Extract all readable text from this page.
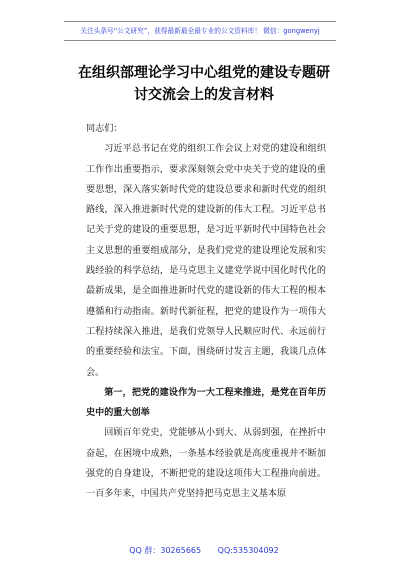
关注头条号“公文研究”，获得最新最全最专业的公文资料库！ 微信：gongwenyj
在组织部理论学习中心组党的建设专题研
讨交流会上的发言材料

同志们：

习近平总书记在党的组织工作会议上对党的建设和组织工作作出重要指示，要求深刻领会党中央关于党的建设的重要思想，深入落实新时代党的建设总要求和新时代党的组织路线，深入推进新时代党的建设新的伟大工程。习近平总书记关于党的建设的重要思想，是习近平新时代中国特色社会主义思想的重要组成部分，是我们党党的建设理论发展和实践经验的科学总结，是马克思主义建党学说中国化时代化的最新成果，是全面推进新时代党的建设新的伟大工程的根本遵循和行动指南。新时代新征程，把党的建设作为一项伟大工程持续深入推进，是我们党领导人民顺应时代、永远前行的重要经验和法宝。下面，围绕研讨发言主题，我谈几点体会。

第一，把党的建设作为一大工程来推进，是党在百年历史中的重大创举

回顾百年党史，党能够从小到大、从弱到强，在挫折中奋起，在困境中成熟，一条基本经验就是高度重视并不断加强党的自身建设，不断把党的建设这项伟大工程推向前进。一百多年来，中国共产党坚持把马克思主义基本原

QQ 群：30265665 QQ:535304092
